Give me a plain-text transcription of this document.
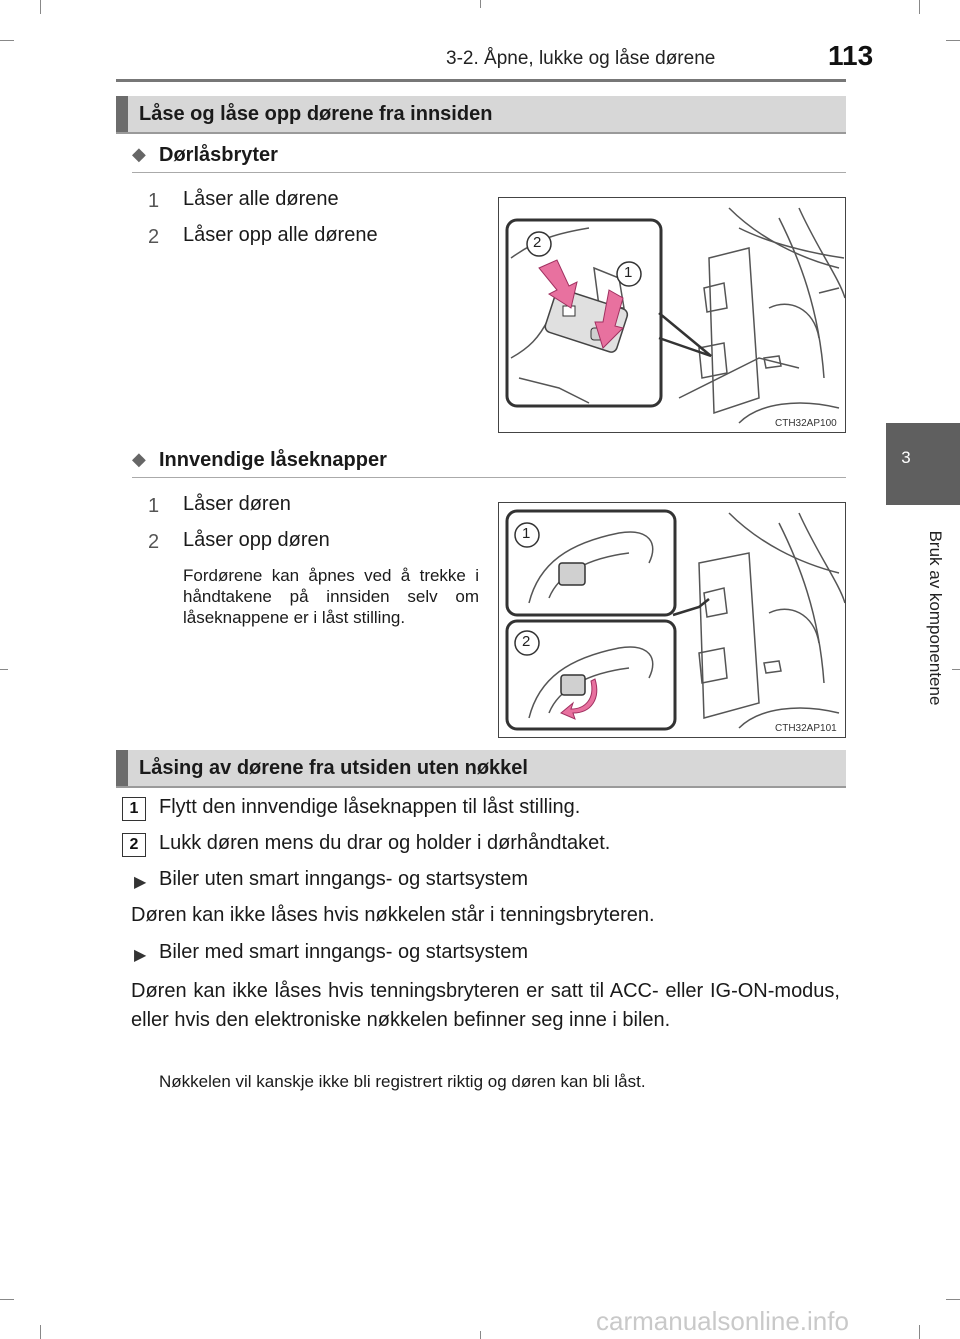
3-2. Åpne, lukke og låse dørene	113
3
Bruk av komponentene
Låse og låse opp dørene fra innsiden
◆ Dørlåsbryter
1 Låser alle dørene
2 Låser opp alle dørene	2
1
CTH32AP100
◆ Innvendige låseknapper
1 Låser døren
2 Låser opp døren
Fordørene kan åpnes ved å trekke i håndtakene på innsiden selv om låseknappene er i låst stilling.
1
2
CTH32AP101
Låsing av dørene fra utsiden uten nøkkel
1	Flytt den innvendige låseknappen til låst stilling.
2	Lukk døren mens du drar og holder i dørhåndtaket.
▶ Biler uten smart inngangs- og startsystem
Døren kan ikke låses hvis nøkkelen står i tenningsbryteren.
▶ Biler med smart inngangs- og startsystem
Døren kan ikke låses hvis tenningsbryteren er satt til ACC- eller IG-ON-modus, eller hvis den elektroniske nøkkelen befinner seg inne i bilen.
Nøkkelen vil kanskje ikke bli registrert riktig og døren kan bli låst.
carmanualsonline.info
